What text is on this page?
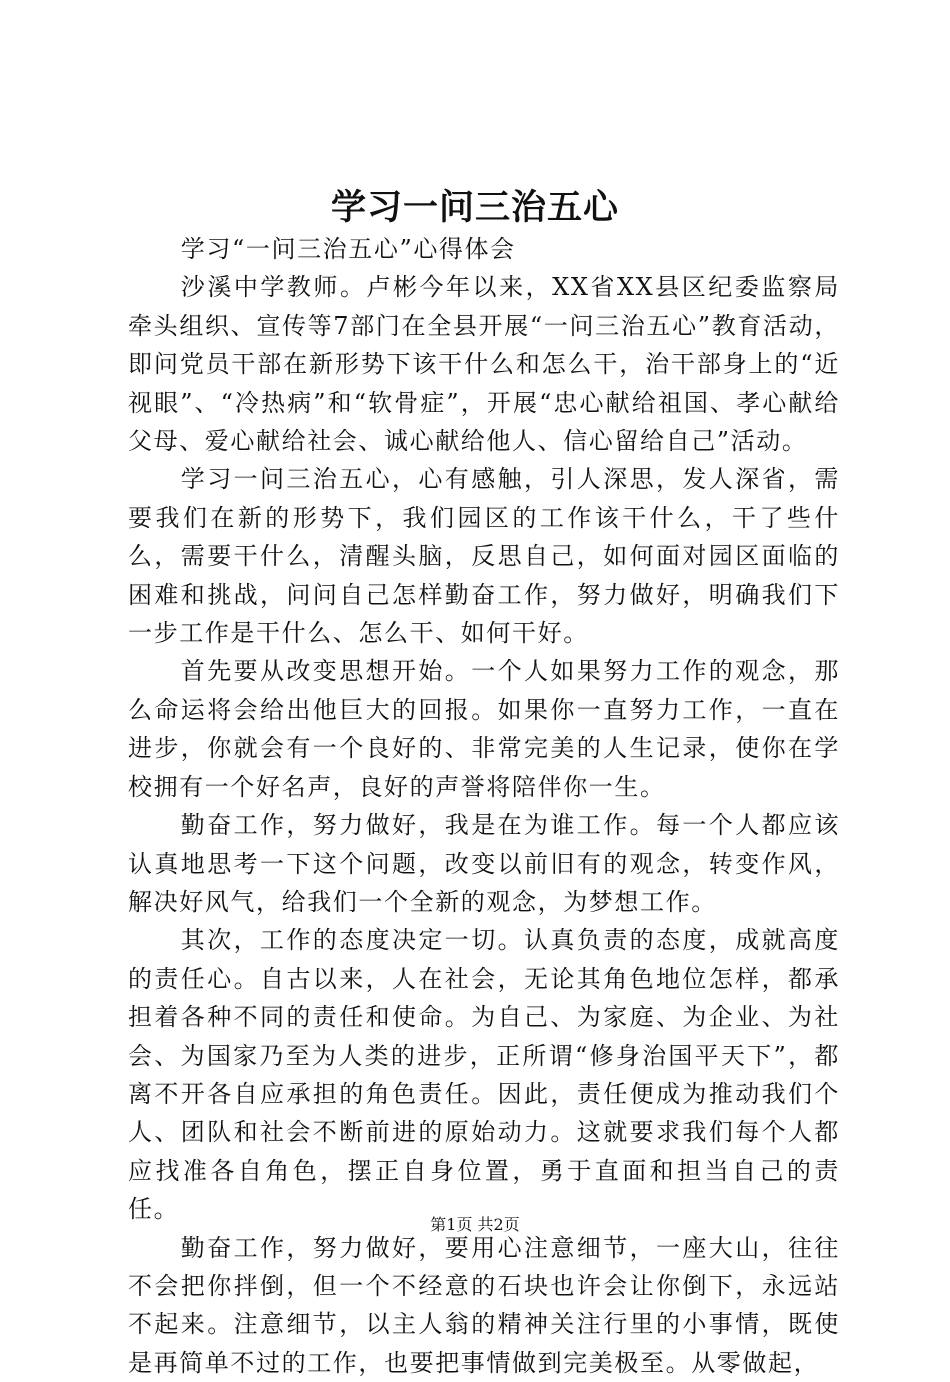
学习一问三治五心

学习“一问三治五心”心得体会

沙溪中学教师。卢彬今年以来，XX省XX县区纪委监察局牵头组织、宣传等7部门在全县开展“一问三治五心”教育活动，即问党员干部在新形势下该干什么和怎么干，治干部身上的“近视眼”、“冷热病”和“软骨症”，开展“忠心献给祖国、孝心献给父母、爱心献给社会、诚心献给他人、信心留给自己”活动。

学习一问三治五心，心有感触，引人深思，发人深省，需要我们在新的形势下，我们园区的工作该干什么，干了些什么，需要干什么，清醒头脑，反思自己，如何面对园区面临的困难和挑战，问问自己怎样勤奋工作，努力做好，明确我们下一步工作是干什么、怎么干、如何干好。

首先要从改变思想开始。一个人如果努力工作的观念，那么命运将会给出他巨大的回报。如果你一直努力工作，一直在进步，你就会有一个良好的、非常完美的人生记录，使你在学校拥有一个好名声，良好的声誉将陪伴你一生。

勤奋工作，努力做好，我是在为谁工作。每一个人都应该认真地思考一下这个问题，改变以前旧有的观念，转变作风，解决好风气，给我们一个全新的观念，为梦想工作。

其次，工作的态度决定一切。认真负责的态度，成就高度的责任心。自古以来，人在社会，无论其角色地位怎样，都承担着各种不同的责任和使命。为自己、为家庭、为企业、为社会、为国家乃至为人类的进步，正所谓“修身治国平天下”，都离不开各自应承担的角色责任。因此，责任便成为推动我们个人、团队和社会不断前进的原始动力。这就要求我们每个人都应找准各自角色，摆正自身位置，勇于直面和担当自己的责任。

勤奋工作，努力做好，要用心注意细节，一座大山，往往不会把你拌倒，但一个不经意的石块也许会让你倒下，永远站不起来。注意细节，以主人翁的精神关注行里的小事情，既使是再简单不过的工作，也要把事情做到完美极至。从零做起，

第1页 共2页
